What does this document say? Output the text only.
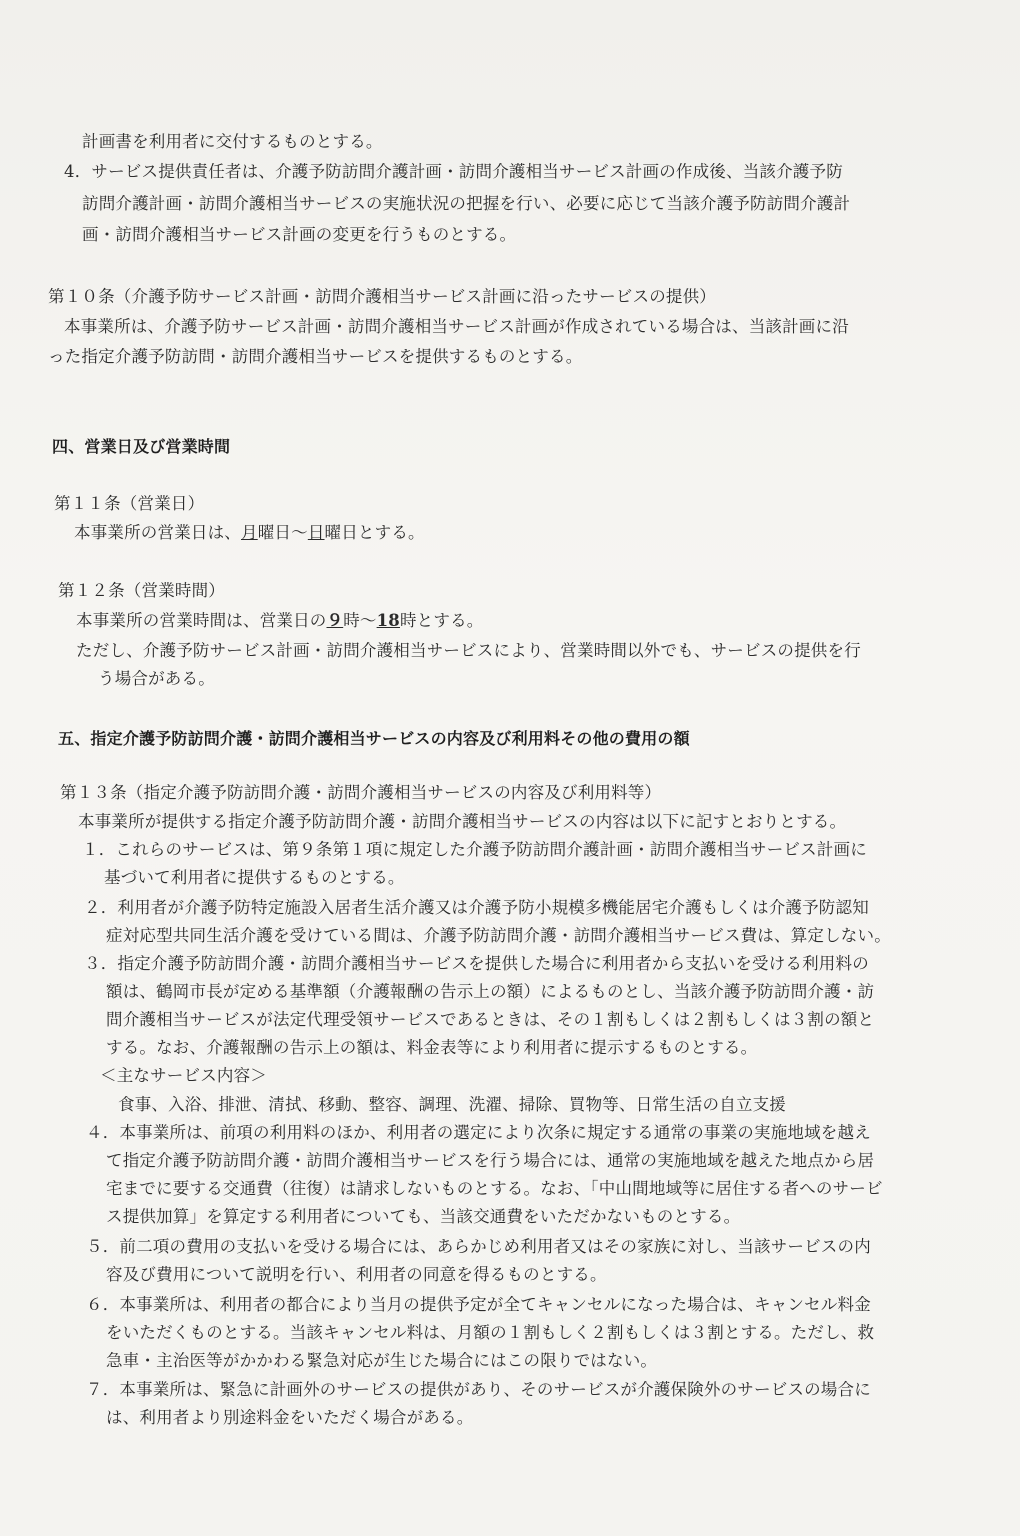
計画書を利用者に交付するものとする。
4．サービス提供責任者は、介護予防訪問介護計画・訪問介護相当サービス計画の作成後、当該介護予防
訪問介護計画・訪問介護相当サービスの実施状況の把握を行い、必要に応じて当該介護予防訪問介護計
画・訪問介護相当サービス計画の変更を行うものとする。
第１０条（介護予防サービス計画・訪問介護相当サービス計画に沿ったサービスの提供）
本事業所は、介護予防サービス計画・訪問介護相当サービス計画が作成されている場合は、当該計画に沿
った指定介護予防訪問・訪問介護相当サービスを提供するものとする。
四、営業日及び営業時間
第１１条（営業日）
本事業所の営業日は、月曜日～日曜日とする。
第１２条（営業時間）
本事業所の営業時間は、営業日の９時～18時とする。
ただし、介護予防サービス計画・訪問介護相当サービスにより、営業時間以外でも、サービスの提供を行
う場合がある。
五、指定介護予防訪問介護・訪問介護相当サービスの内容及び利用料その他の費用の額
第１３条（指定介護予防訪問介護・訪問介護相当サービスの内容及び利用料等）
本事業所が提供する指定介護予防訪問介護・訪問介護相当サービスの内容は以下に記すとおりとする。
１．これらのサービスは、第９条第１項に規定した介護予防訪問介護計画・訪問介護相当サービス計画に
基づいて利用者に提供するものとする。
２．利用者が介護予防特定施設入居者生活介護又は介護予防小規模多機能居宅介護もしくは介護予防認知
症対応型共同生活介護を受けている間は、介護予防訪問介護・訪問介護相当サービス費は、算定しない。
３．指定介護予防訪問介護・訪問介護相当サービスを提供した場合に利用者から支払いを受ける利用料の
額は、鶴岡市長が定める基準額（介護報酬の告示上の額）によるものとし、当該介護予防訪問介護・訪
問介護相当サービスが法定代理受領サービスであるときは、その１割もしくは２割もしくは３割の額と
する。なお、介護報酬の告示上の額は、料金表等により利用者に提示するものとする。
＜主なサービス内容＞
食事、入浴、排泄、清拭、移動、整容、調理、洗濯、掃除、買物等、日常生活の自立支援
４．本事業所は、前項の利用料のほか、利用者の選定により次条に規定する通常の事業の実施地域を越え
て指定介護予防訪問介護・訪問介護相当サービスを行う場合には、通常の実施地域を越えた地点から居
宅までに要する交通費（往復）は請求しないものとする。なお、「中山間地域等に居住する者へのサービ
ス提供加算」を算定する利用者についても、当該交通費をいただかないものとする。
５．前二項の費用の支払いを受ける場合には、あらかじめ利用者又はその家族に対し、当該サービスの内
容及び費用について説明を行い、利用者の同意を得るものとする。
６．本事業所は、利用者の都合により当月の提供予定が全てキャンセルになった場合は、キャンセル料金
をいただくものとする。当該キャンセル料は、月額の１割もしく２割もしくは３割とする。ただし、救
急車・主治医等がかかわる緊急対応が生じた場合にはこの限りではない。
７．本事業所は、緊急に計画外のサービスの提供があり、そのサービスが介護保険外のサービスの場合に
は、利用者より別途料金をいただく場合がある。
